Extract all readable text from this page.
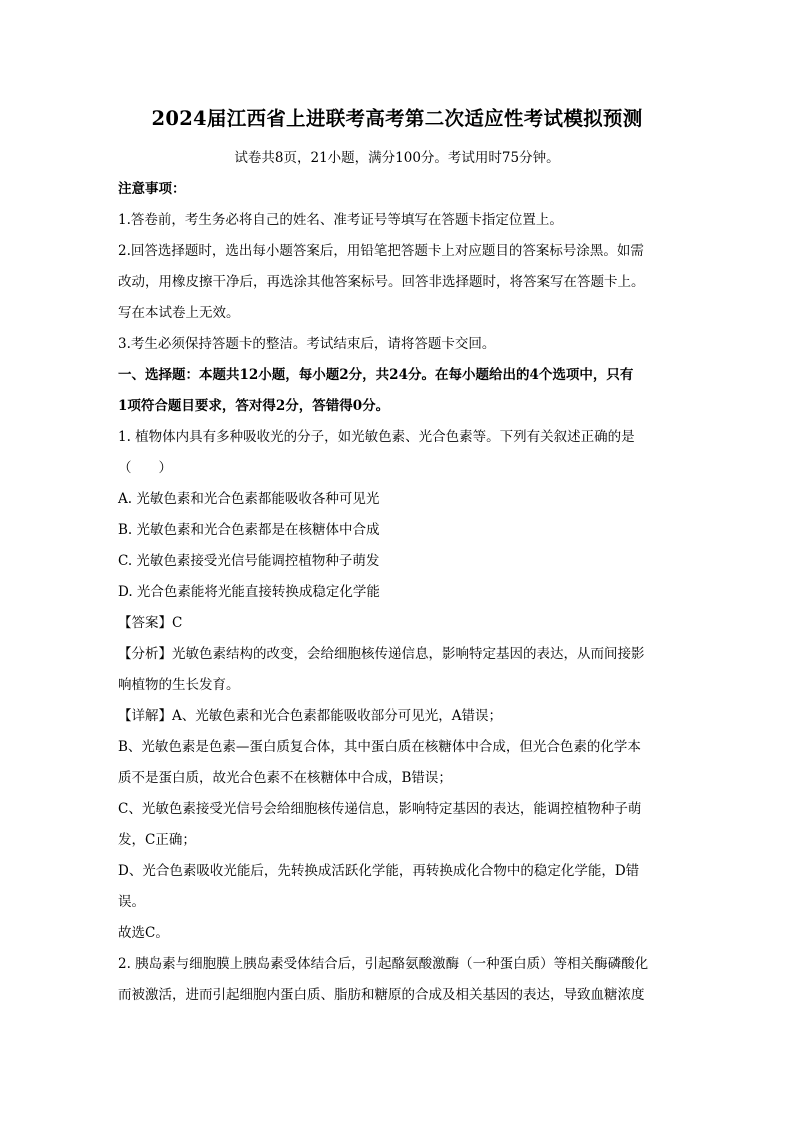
2024届江西省上进联考高考第二次适应性考试模拟预测
试卷共8页，21小题，满分100分。考试用时75分钟。
注意事项：
1.答卷前，考生务必将自己的姓名、准考证号等填写在答题卡指定位置上。
2.回答选择题时，选出每小题答案后，用铅笔把答题卡上对应题目的答案标号涂黑。如需
改动，用橡皮擦干净后，再选涂其他答案标号。回答非选择题时，将答案写在答题卡上。
写在本试卷上无效。
3.考生必须保持答题卡的整洁。考试结束后，请将答题卡交回。
一、选择题：本题共12小题，每小题2分，共24分。在每小题给出的4个选项中，只有
1项符合题目要求，答对得2分，答错得0分。
1. 植物体内具有多种吸收光的分子，如光敏色素、光合色素等。下列有关叙述正确的是
（　　）
A. 光敏色素和光合色素都能吸收各种可见光
B. 光敏色素和光合色素都是在核糖体中合成
C. 光敏色素接受光信号能调控植物种子萌发
D. 光合色素能将光能直接转换成稳定化学能
【答案】C
【分析】光敏色素结构的改变，会给细胞核传递信息，影响特定基因的表达，从而间接影
响植物的生长发育。
【详解】A、光敏色素和光合色素都能吸收部分可见光，A错误；
B、光敏色素是色素—蛋白质复合体，其中蛋白质在核糖体中合成，但光合色素的化学本
质不是蛋白质，故光合色素不在核糖体中合成，B错误；
C、光敏色素接受光信号会给细胞核传递信息，影响特定基因的表达，能调控植物种子萌
发，C正确；
D、光合色素吸收光能后，先转换成活跃化学能，再转换成化合物中的稳定化学能，D错
误。
故选C。
2. 胰岛素与细胞膜上胰岛素受体结合后，引起酪氨酸激酶（一种蛋白质）等相关酶磷酸化
而被激活，进而引起细胞内蛋白质、脂肪和糖原的合成及相关基因的表达，导致血糖浓度
